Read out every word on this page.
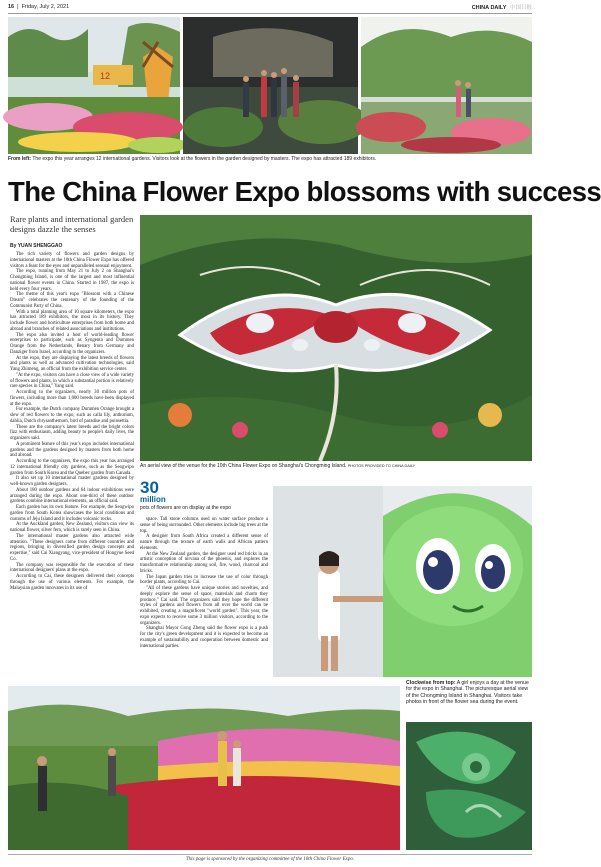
16 | Friday, July 2, 2021	CHINA DAILY 中国日报
12
From left: The expo this year arranges 12 international gardens. Visitors look at the flowers in the garden designed by masters. The expo has attracted 189 exhibitors.
The China Flower Expo blossoms with success
Rare plants and international garden designs dazzle the senses
By YUAN SHENGGAO

The rich variety of flowers and garden designs by international masters at the 10th China Flower Expo has offered visitors a feast for the eyes and unparalleled sensual enjoyment.

The expo, running from May 21 to July 2 on Shanghai's Chongming Island, is one of the largest and most influential national flower events in China. Started in 1987, the expo is held every four years.

The theme of this year's expo "Blossom with a Chinese Dream" celebrates the centenary of the founding of the Communist Party of China.

With a total planning area of 10 square kilometers, the expo has attracted 189 exhibitors, the most in its history. They include flower and horticulture enterprises from both home and abroad and branches of related associations and institutions.

The expo also invited a host of world-leading flower enterprises to participate, such as Syngenta and Dummen Orange from the Netherlands, Benary from Germany and Danziger from Israel, according to the organizers.

At the expo, they are displaying the latest breeds of flowers and plants as well as advanced cultivation technologies, said Yang Zhimeng, an official from the exhibition service center.

"At the expo, visitors can have a close view of a wide variety of flowers and plants, in which a substantial portion is relatively rare species in China," Yang said.

According to the organizers, nearly 30 million pots of flowers, including more than 1,000 breeds have been displayed at the expo.

For example, the Dutch company Dummen Orange brought a slew of red flowers to the expo, such as calla lily, anthurium, dahlia, Dutch chrysanthemum, bird of paradise and poinsettia.

These are the company's latest breeds and the bright colors fizz with enthusiasm, adding beauty to people's daily lives, the organizers said.

A prominent feature of this year's expo includes international gardens and the gardens designed by masters from both home and abroad.

According to the organizers, the expo this year has arranged 12 international friendly city gardens, such as the Seogwipo garden from South Korea and the Quebec garden from Canada.

It also set up 10 international master gardens designed by well-known garden designers.

About 180 outdoor gardens and 64 indoor exhibitions were arranged during the expo. About one-third of these outdoor gardens combine international elements, an official said.

Each garden has its own feature. For example, the Seogwipo garden from South Korea showcases the local conditions and customs of Jeju Island and it includes volcanic rocks.

At the Auckland garden, New Zealand, visitors can view its national flower, silver fern, which is rarely seen in China.

The international master gardens also attracted wide attention. "These designers come from different countries and regions, bringing in diversified garden design concepts and expertise," said Cai Xiangyang, vice-president of Hongyue Seed Co.

The company was responsible for the execution of these international designers' plans at the expo.

According to Cai, these designers delivered their concepts through the use of various elements. For example, the Malaysian garden innovates in its use of

An aerial view of the venue for the 10th China Flower Expo on Shanghai's Chongming Island. PHOTOS PROVIDED TO CHINA DAILY
30
million
pots of flowers are on display at the expo

space. Tall stone columns used on water surface produce a sense of being surrounded. Other elements include big trees at the top.

A designer from South Africa created a different sense of nature through the texture of earth walls and African pattern elements.

At the New Zealand garden, the designer used red bricks in an artistic conception of nirvana of the phoenix, and explores the transformative relationship among soil, fire, wood, charcoal and bricks.

The Japan garden tries to increase the use of color through border plants, according to Cai.

"All of these gardens have unique stories and novelties, and deeply explore the sense of space, materials and charm they produce," Cai said. The organizers said they hope the different styles of gardens and flowers from all over the world can be exhibited, creating a magnificent "world garden". This year, the expo expects to receive some 3 million visitors, according to the organizers.

Shanghai Mayor Gong Zheng said the flower expo is a push for the city's green development and it is expected to become an example of sustainability and cooperation between domestic and international parties.

Clockwise from top: A girl enjoys a day at the venue for the expo in Shanghai. The picturesque aerial view of the Chongming Island in Shanghai. Visitors take photos in front of the flower sea during the event.
This page is sponsored by the organizing committee of the 10th China Flower Expo.
